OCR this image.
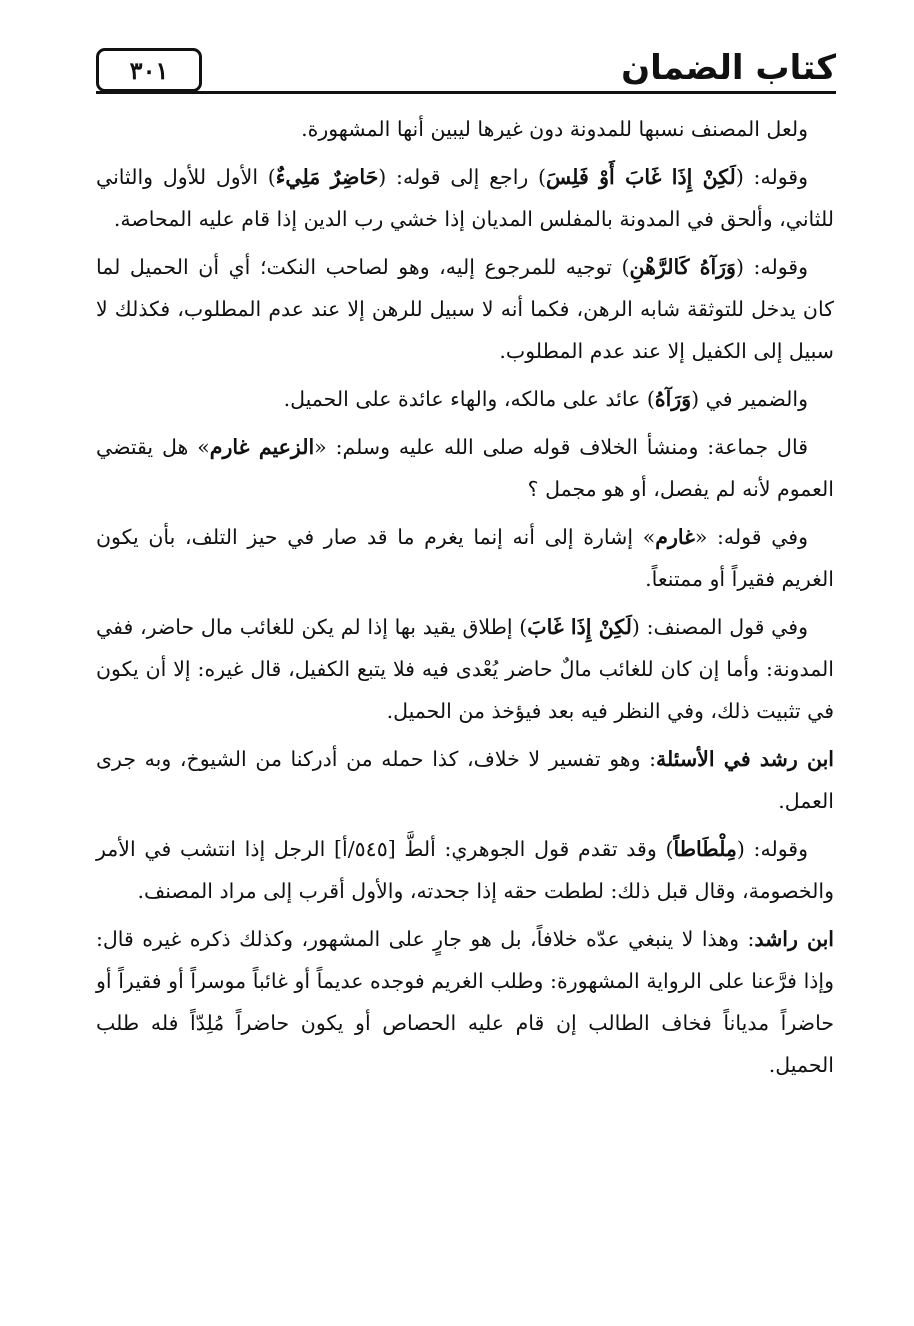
كتاب الضمان
٣٠١

ولعل المصنف نسبها للمدونة دون غيرها ليبين أنها المشهورة.

وقوله: (لَكِنْ إِذَا غَابَ أَوْ فَلِسَ) راجع إلى قوله: (حَاضِرٌ مَلِيءٌ) الأول للأول والثاني للثاني، وألحق في المدونة بالمفلس المديان إذا خشي رب الدين إذا قام عليه المحاصة.

وقوله: (وَرَآهُ كَالرَّهْنِ) توجيه للمرجوع إليه، وهو لصاحب النكت؛ أي أن الحميل لما كان يدخل للتوثقة شابه الرهن، فكما أنه لا سبيل للرهن إلا عند عدم المطلوب، فكذلك لا سبيل إلى الكفيل إلا عند عدم المطلوب.

والضمير في (وَرَآهُ) عائد على مالكه، والهاء عائدة على الحميل.

قال جماعة: ومنشأ الخلاف قوله صلى الله عليه وسلم: «الزعيم غارم» هل يقتضي العموم لأنه لم يفصل، أو هو مجمل ؟

وفي قوله: «غارم» إشارة إلى أنه إنما يغرم ما قد صار في حيز التلف، بأن يكون الغريم فقيراً أو ممتنعاً.

وفي قول المصنف: (لَكِنْ إِذَا غَابَ) إطلاق يقيد بها إذا لم يكن للغائب مال حاضر، ففي المدونة: وأما إن كان للغائب مالٌ حاضر يُعْدى فيه فلا يتبع الكفيل، قال غيره: إلا أن يكون في تثبيت ذلك، وفي النظر فيه بعد فيؤخذ من الحميل.

ابن رشد في الأسئلة: وهو تفسير لا خلاف، كذا حمله من أدركنا من الشيوخ، وبه جرى العمل.

وقوله: (مِلْطَاطاً) وقد تقدم قول الجوهري: ألطَّ [٥٤٥/أ] الرجل إذا انتشب في الأمر والخصومة، وقال قبل ذلك: لططت حقه إذا جحدته، والأول أقرب إلى مراد المصنف.

ابن راشد: وهذا لا ينبغي عدّه خلافاً، بل هو جارٍ على المشهور، وكذلك ذكره غيره قال: وإذا فرَّعنا على الرواية المشهورة: وطلب الغريم فوجده عديماً أو غائباً موسراً أو فقيراً أو حاضراً مدياناً فخاف الطالب إن قام عليه الحصاص أو يكون حاضراً مُلِدّاً فله طلب الحميل.
